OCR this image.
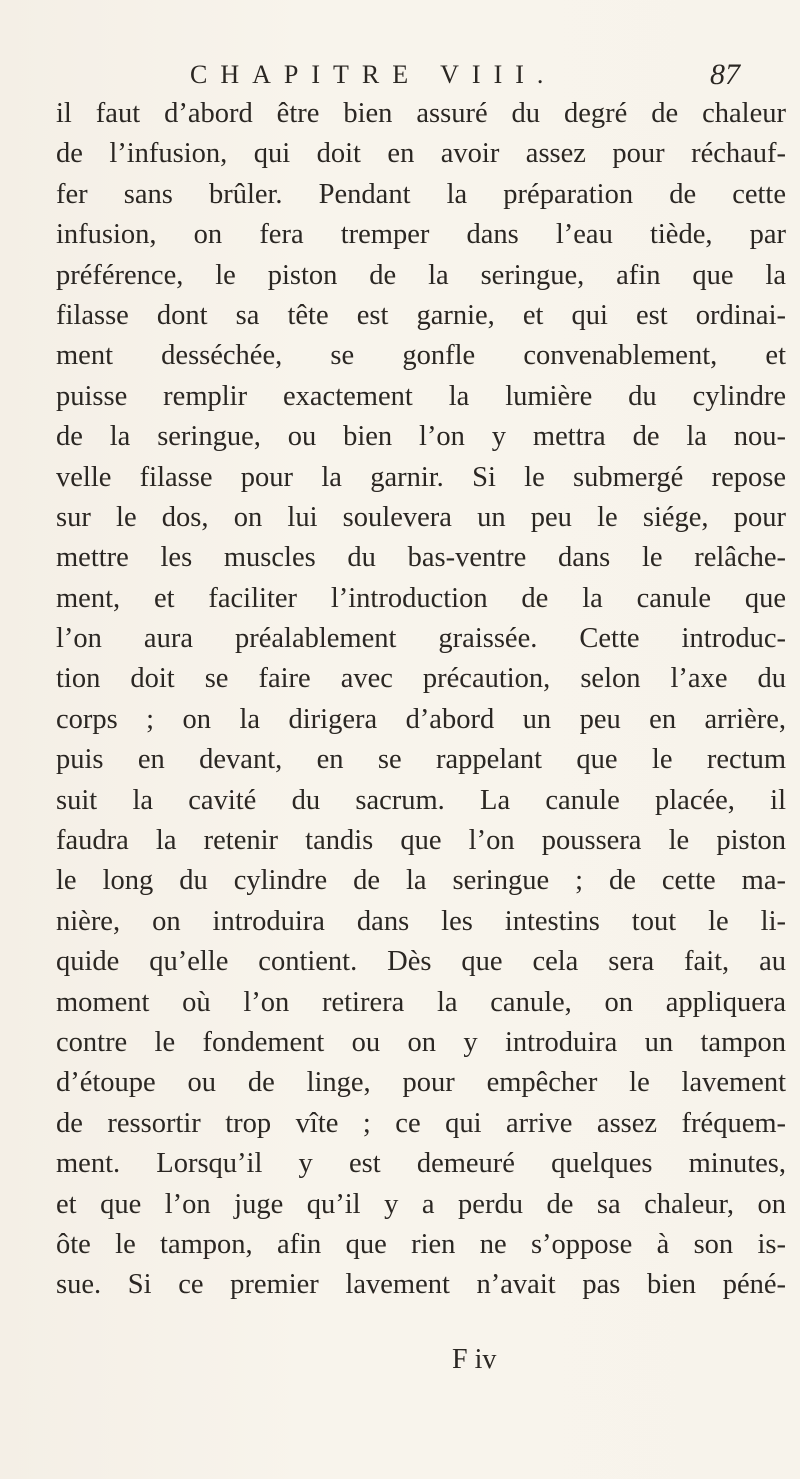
CHAPITRE VIII.	87
il faut d’abord être bien assuré du degré de chaleur
de l’infusion, qui doit en avoir assez pour réchauf-
fer sans brûler. Pendant la préparation de cette
infusion, on fera tremper dans l’eau tiède, par
préférence, le piston de la seringue, afin que la
filasse dont sa tête est garnie, et qui est ordinai-
ment desséchée, se gonfle convenablement, et
puisse remplir exactement la lumière du cylindre
de la seringue, ou bien l’on y mettra de la nou-
velle filasse pour la garnir. Si le submergé repose
sur le dos, on lui soulevera un peu le siége, pour
mettre les muscles du bas-ventre dans le relâche-
ment, et faciliter l’introduction de la canule que
l’on aura préalablement graissée. Cette introduc-
tion doit se faire avec précaution, selon l’axe du
corps ; on la dirigera d’abord un peu en arrière,
puis en devant, en se rappelant que le rectum
suit la cavité du sacrum. La canule placée, il
faudra la retenir tandis que l’on poussera le piston
le long du cylindre de la seringue ; de cette ma-
nière, on introduira dans les intestins tout le li-
quide qu’elle contient. Dès que cela sera fait, au
moment où l’on retirera la canule, on appliquera
contre le fondement ou on y introduira un tampon
d’étoupe ou de linge, pour empêcher le lavement
de ressortir trop vîte ; ce qui arrive assez fréquem-
ment. Lorsqu’il y est demeuré quelques minutes,
et que l’on juge qu’il y a perdu de sa chaleur, on
ôte le tampon, afin que rien ne s’oppose à son is-
sue. Si ce premier lavement n’avait pas bien péné-
F iv
